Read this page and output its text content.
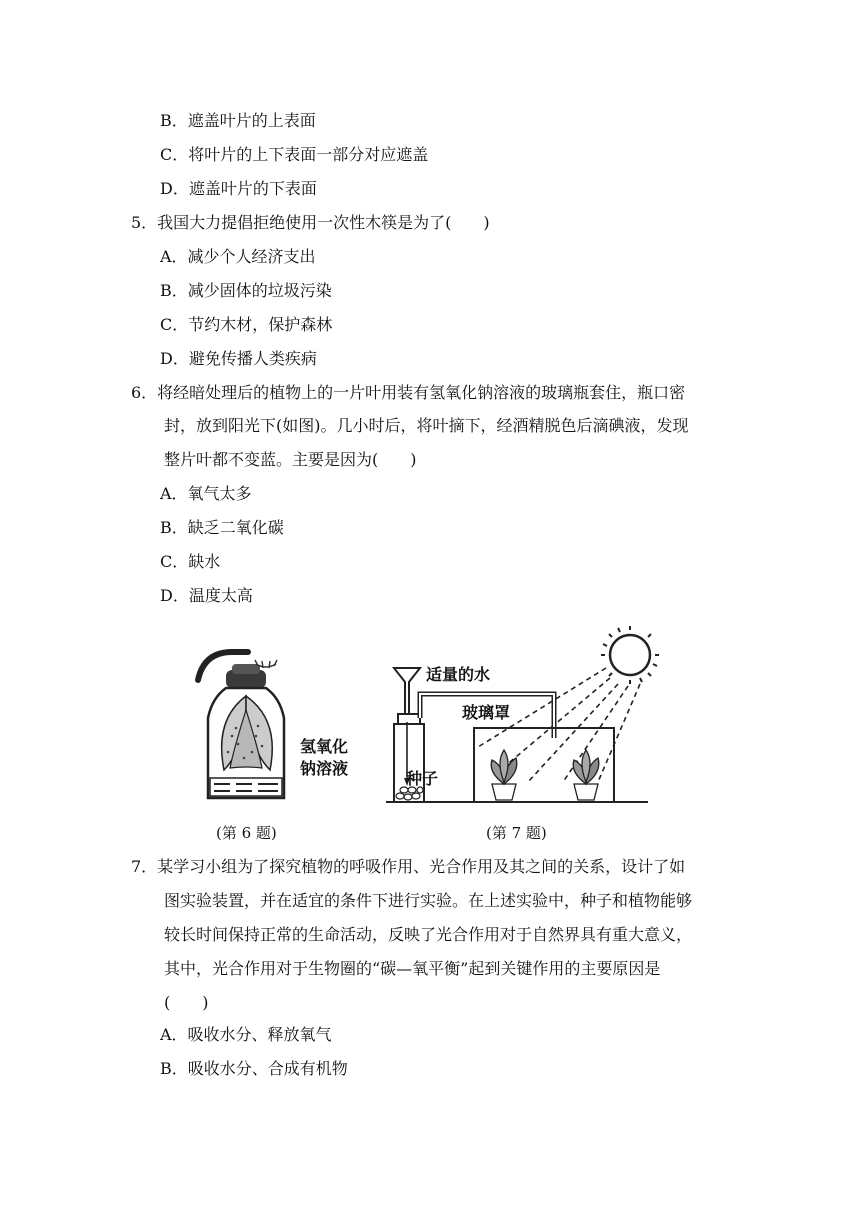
B．遮盖叶片的上表面
C．将叶片的上下表面一部分对应遮盖
D．遮盖叶片的下表面
5．我国大力提倡拒绝使用一次性木筷是为了(　　)
A．减少个人经济支出
B．减少固体的垃圾污染
C．节约木材，保护森林
D．避免传播人类疾病
6．将经暗处理后的植物上的一片叶用装有氢氧化钠溶液的玻璃瓶套住，瓶口密
封，放到阳光下(如图)。几小时后，将叶摘下，经酒精脱色后滴碘液，发现
整片叶都不变蓝。主要是因为(　　)
A．氧气太多
B．缺乏二氧化碳
C．缺水
D．温度太高
氢氧化
钠溶液
(第 6 题)
适量的水
种子
玻璃罩
(第 7 题)
7．某学习小组为了探究植物的呼吸作用、光合作用及其之间的关系，设计了如
图实验装置，并在适宜的条件下进行实验。在上述实验中，种子和植物能够
较长时间保持正常的生命活动，反映了光合作用对于自然界具有重大意义，
其中，光合作用对于生物圈的“碳—氧平衡”起到关键作用的主要原因是
(　　)
A．吸收水分、释放氧气
B．吸收水分、合成有机物
